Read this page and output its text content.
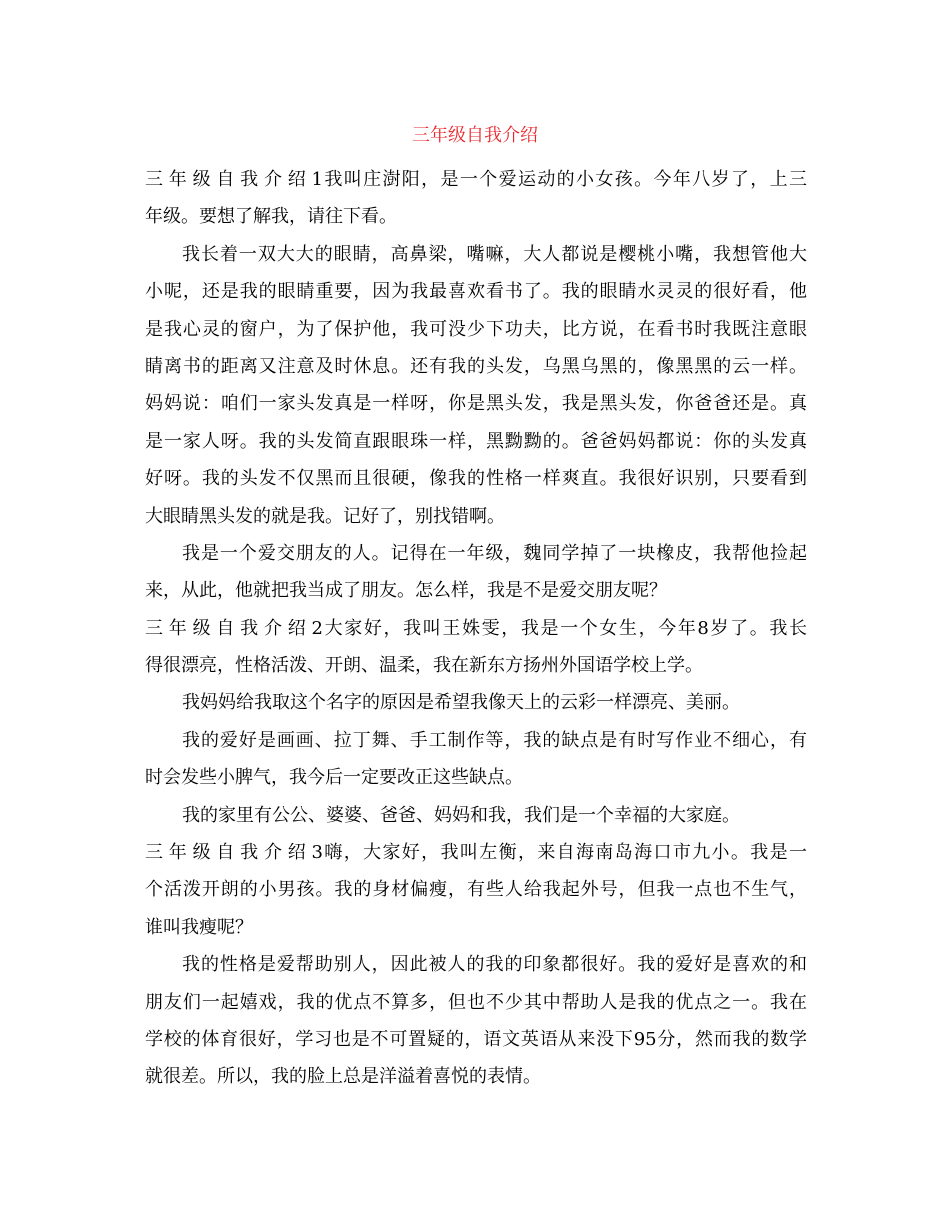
三年级自我介绍
三年级自我介绍1我叫庄澍阳，是一个爱运动的小女孩。今年八岁了，上三
年级。要想了解我，请往下看。
我长着一双大大的眼睛，高鼻梁，嘴嘛，大人都说是樱桃小嘴，我想管他大
小呢，还是我的眼睛重要，因为我最喜欢看书了。我的眼睛水灵灵的很好看，他
是我心灵的窗户，为了保护他，我可没少下功夫，比方说，在看书时我既注意眼
睛离书的距离又注意及时休息。还有我的头发，乌黑乌黑的，像黑黑的云一样。
妈妈说：咱们一家头发真是一样呀，你是黑头发，我是黑头发，你爸爸还是。真
是一家人呀。我的头发简直跟眼珠一样，黑黝黝的。爸爸妈妈都说：你的头发真
好呀。我的头发不仅黑而且很硬，像我的性格一样爽直。我很好识别，只要看到
大眼睛黑头发的就是我。记好了，别找错啊。
我是一个爱交朋友的人。记得在一年级，魏同学掉了一块橡皮，我帮他捡起
来，从此，他就把我当成了朋友。怎么样，我是不是爱交朋友呢？
三年级自我介绍2大家好，我叫王姝雯，我是一个女生，今年8岁了。我长
得很漂亮，性格活泼、开朗、温柔，我在新东方扬州外国语学校上学。
我妈妈给我取这个名字的原因是希望我像天上的云彩一样漂亮、美丽。
我的爱好是画画、拉丁舞、手工制作等，我的缺点是有时写作业不细心，有
时会发些小脾气，我今后一定要改正这些缺点。
我的家里有公公、婆婆、爸爸、妈妈和我，我们是一个幸福的大家庭。
三年级自我介绍3嗨，大家好，我叫左衡，来自海南岛海口市九小。我是一
个活泼开朗的小男孩。我的身材偏瘦，有些人给我起外号，但我一点也不生气，
谁叫我瘦呢？
我的性格是爱帮助别人，因此被人的我的印象都很好。我的爱好是喜欢的和
朋友们一起嬉戏，我的优点不算多，但也不少其中帮助人是我的优点之一。我在
学校的体育很好，学习也是不可置疑的，语文英语从来没下95分，然而我的数学
就很差。所以，我的脸上总是洋溢着喜悦的表情。
